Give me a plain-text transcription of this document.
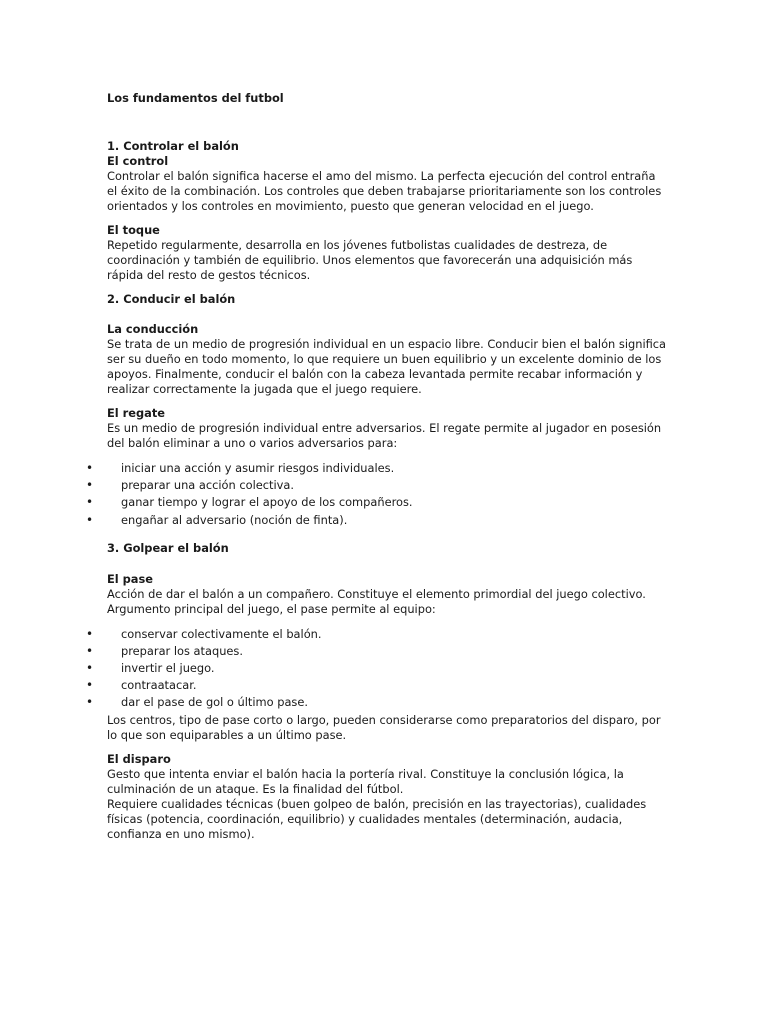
Los fundamentos del futbol

1. Controlar el balón

El control

Controlar el balón significa hacerse el amo del mismo. La perfecta ejecución del control entraña el éxito de la combinación. Los controles que deben trabajarse prioritariamente son los controles orientados y los controles en movimiento, puesto que generan velocidad en el juego.

El toque

Repetido regularmente, desarrolla en los jóvenes futbolistas cualidades de destreza, de coordinación y también de equilibrio. Unos elementos que favorecerán una adquisición más rápida del resto de gestos técnicos.

2. Conducir el balón

La conducción

Se trata de un medio de progresión individual en un espacio libre. Conducir bien el balón significa ser su dueño en todo momento, lo que requiere un buen equilibrio y un excelente dominio de los apoyos. Finalmente, conducir el balón con la cabeza levantada permite recabar información y realizar correctamente la jugada que el juego requiere.

El regate

Es un medio de progresión individual entre adversarios. El regate permite al jugador en posesión del balón eliminar a uno o varios adversarios para:

• iniciar una acción y asumir riesgos individuales.
• preparar una acción colectiva.
• ganar tiempo y lograr el apoyo de los compañeros.
• engañar al adversario (noción de finta).

3. Golpear el balón

El pase

Acción de dar el balón a un compañero. Constituye el elemento primordial del juego colectivo. Argumento principal del juego, el pase permite al equipo:

• conservar colectivamente el balón.
• preparar los ataques.
• invertir el juego.
• contraatacar.
• dar el pase de gol o último pase.

Los centros, tipo de pase corto o largo, pueden considerarse como preparatorios del disparo, por lo que son equiparables a un último pase.

El disparo

Gesto que intenta enviar el balón hacia la portería rival. Constituye la conclusión lógica, la culminación de un ataque. Es la finalidad del fútbol.

Requiere cualidades técnicas (buen golpeo de balón, precisión en las trayectorias), cualidades físicas (potencia, coordinación, equilibrio) y cualidades mentales (determinación, audacia, confianza en uno mismo).
